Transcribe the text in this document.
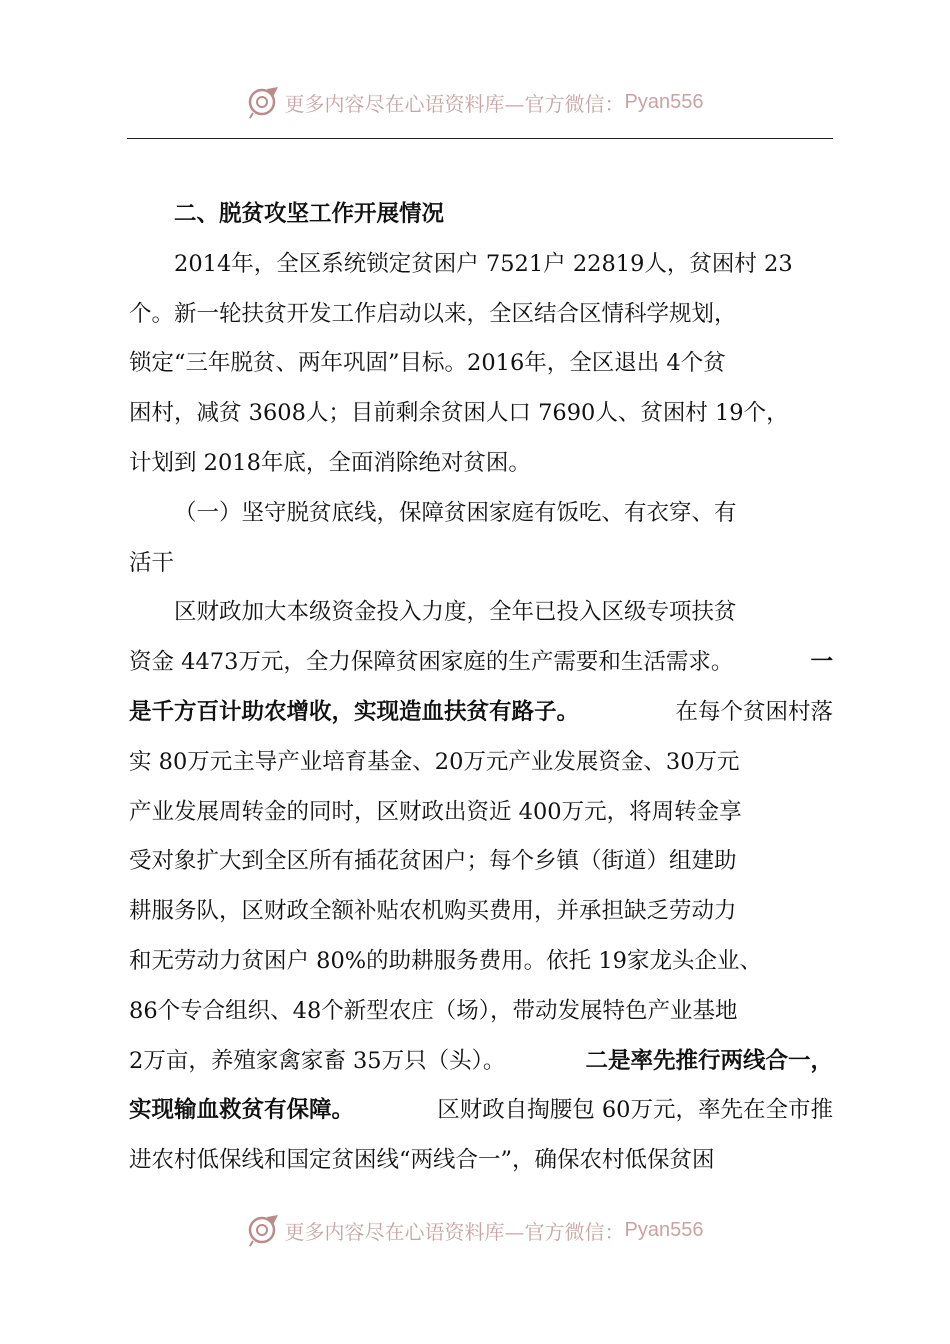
更多内容尽在心语资料库—官方微信： Pyan556
二、脱贫攻坚工作开展情况
2014年，全区系统锁定贫困户 7521户 22819人，贫困村 23
个。新一轮扶贫开发工作启动以来，全区结合区情科学规划，
锁定“三年脱贫、两年巩固”目标。2016年，全区退出 4个贫
困村，减贫 3608人；目前剩余贫困人口 7690人、贫困村 19个，
计划到 2018年底，全面消除绝对贫困。
（一）坚守脱贫底线，保障贫困家庭有饭吃、有衣穿、有
活干
区财政加大本级资金投入力度，全年已投入区级专项扶贫
资金 4473万元，全力保障贫困家庭的生产需要和生活需求。	一
是千方百计助农增收，实现造血扶贫有路子。	在每个贫困村落
实 80万元主导产业培育基金、20万元产业发展资金、30万元
产业发展周转金的同时，区财政出资近 400万元，将周转金享
受对象扩大到全区所有插花贫困户；每个乡镇（街道）组建助
耕服务队，区财政全额补贴农机购买费用，并承担缺乏劳动力
和无劳动力贫困户 80%的助耕服务费用。依托 19家龙头企业、
86个专合组织、48个新型农庄（场），带动发展特色产业基地
2万亩，养殖家禽家畜 35万只（头）。	二是率先推行两线合一，
实现输血救贫有保障。	区财政自掏腰包 60万元，率先在全市推
进农村低保线和国定贫困线“两线合一”，确保农村低保贫困
更多内容尽在心语资料库—官方微信： Pyan556
